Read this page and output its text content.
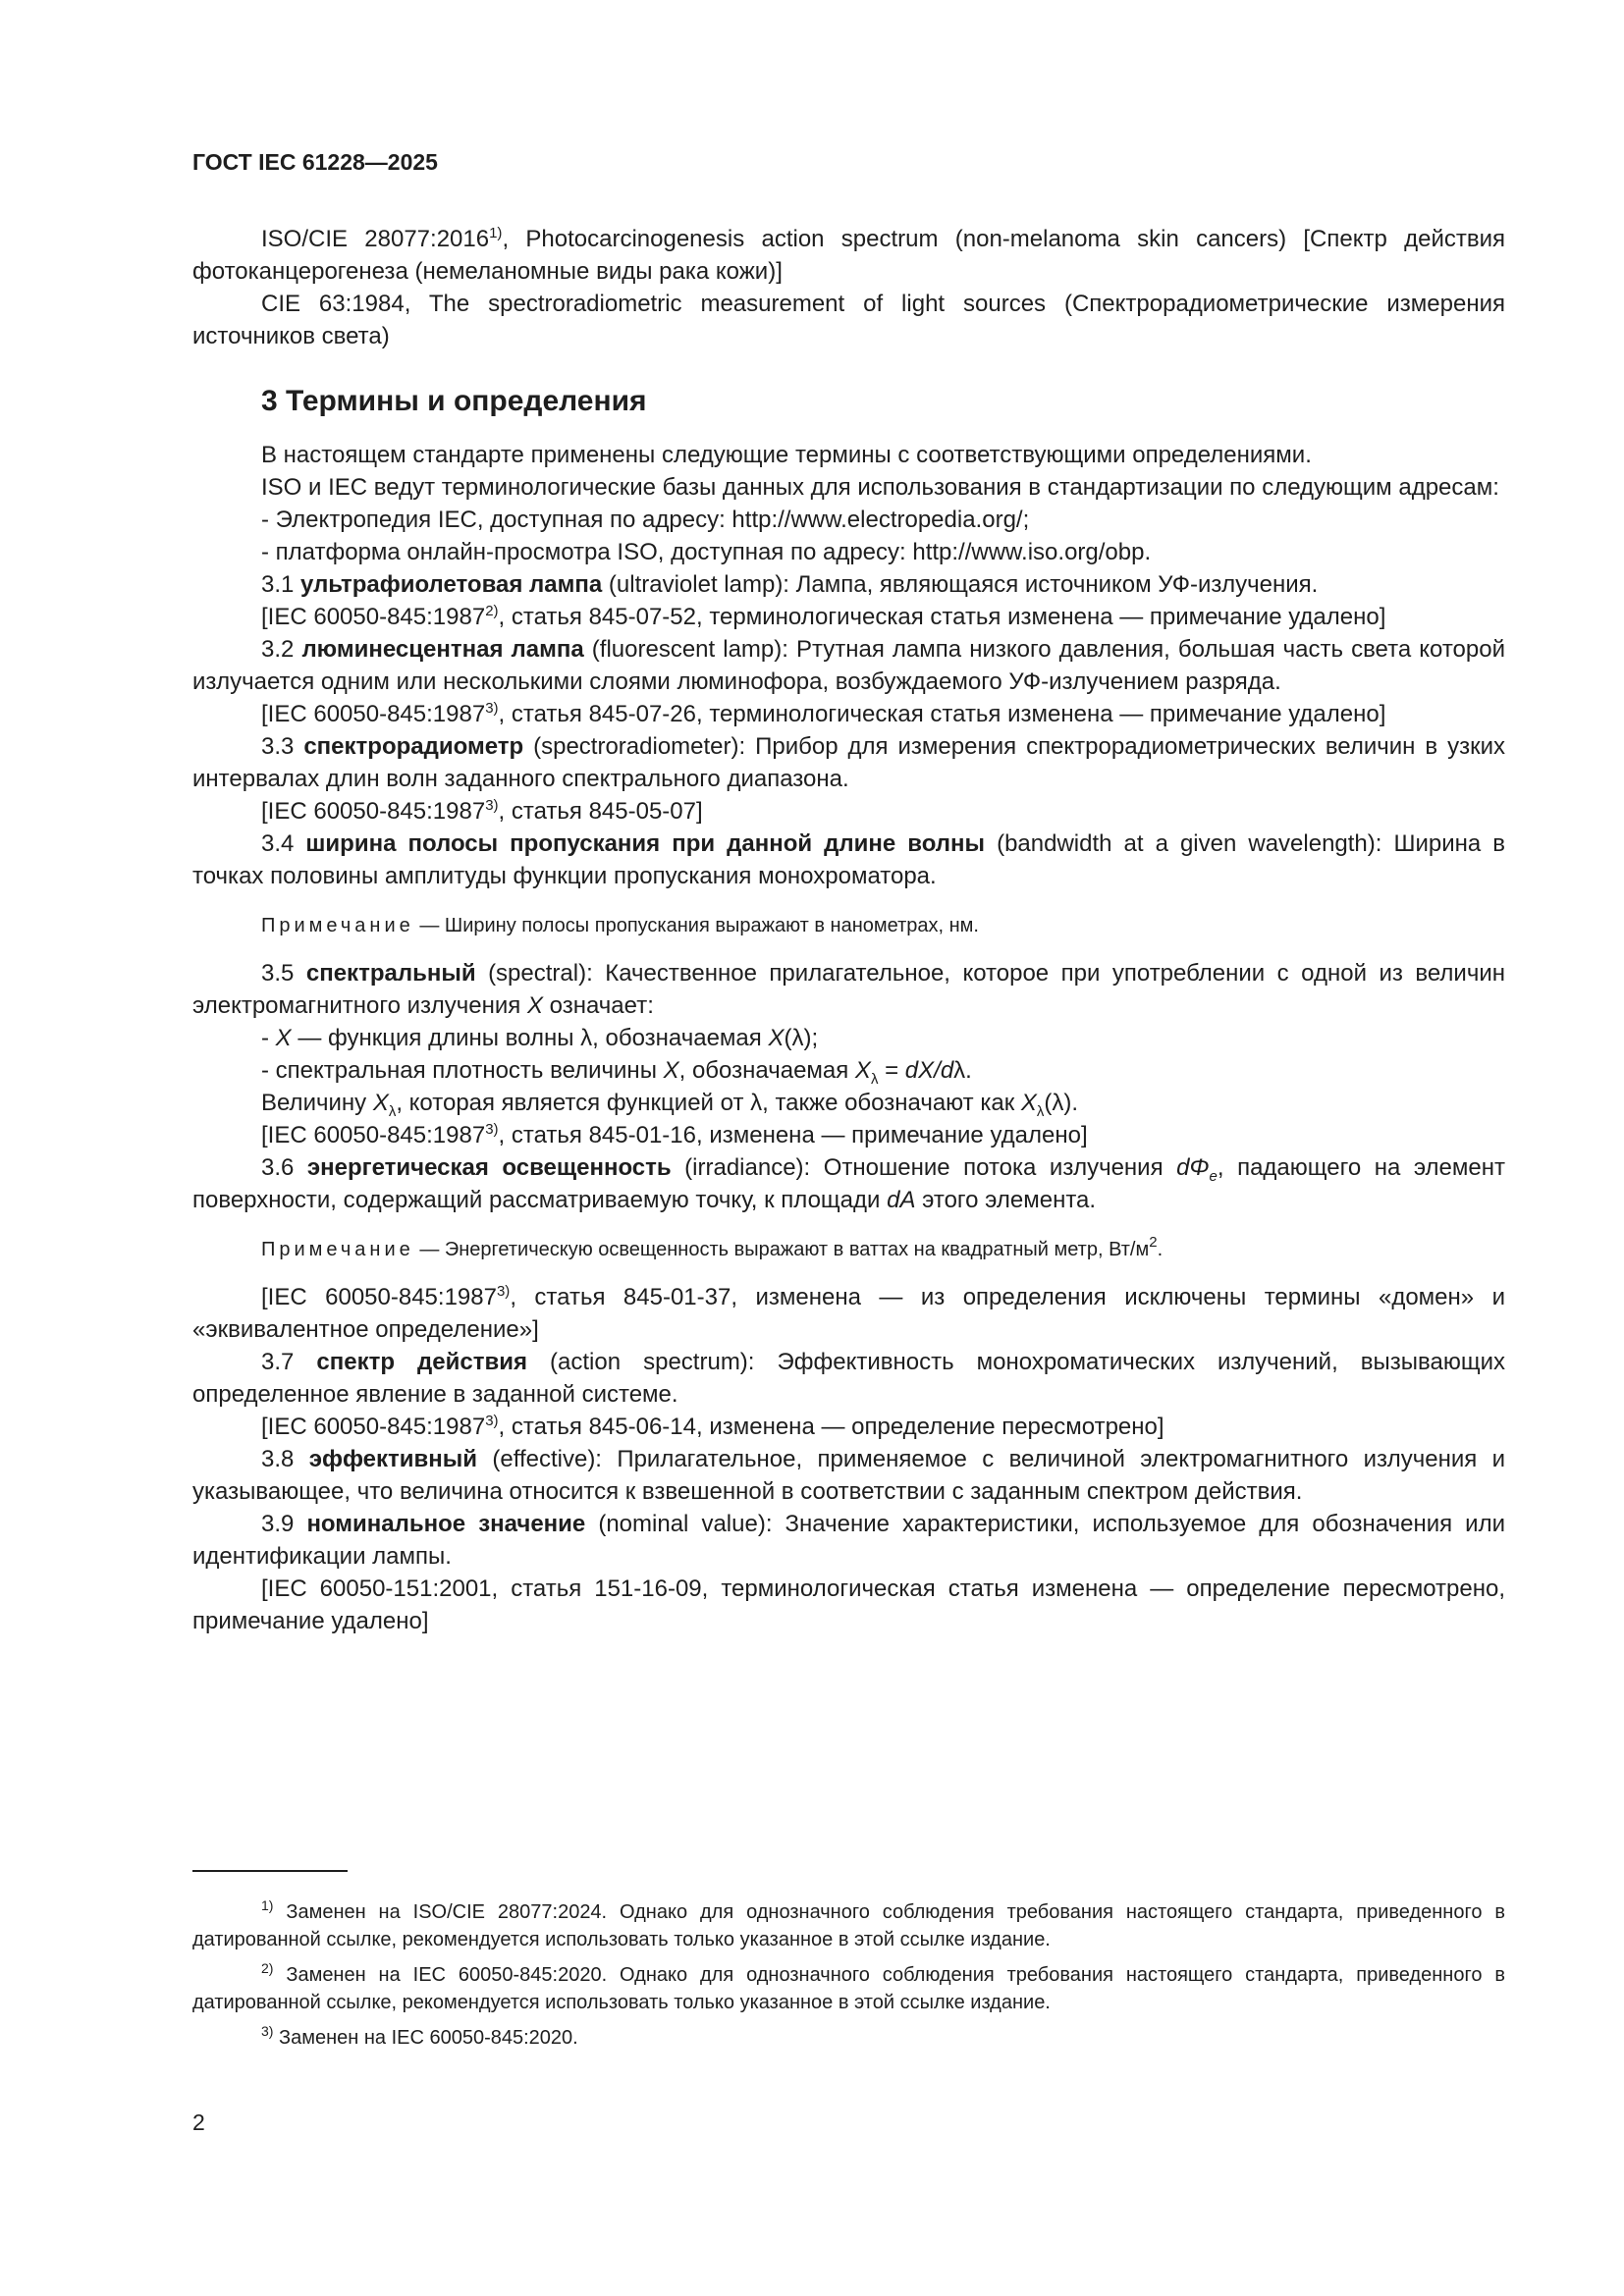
ГОСТ IEC 61228—2025

ISO/CIE 28077:2016$^{1)}$, Photocarcinogenesis action spectrum (non-melanoma skin cancers) [Спектр действия фотоканцерогенеза (немеланомные виды рака кожи)]

CIE 63:1984, The spectroradiometric measurement of light sources (Спектрорадиометрические измерения источников света)

3 Термины и определения

В настоящем стандарте применены следующие термины с соответствующими определениями.

ISO и IEC ведут терминологические базы данных для использования в стандартизации по следующим адресам:

- Электропедия IEC, доступная по адресу: http://www.electropedia.org/;

- платформа онлайн-просмотра ISO, доступная по адресу: http://www.iso.org/obp.

3.1 ультрафиолетовая лампа (ultraviolet lamp): Лампа, являющаяся источником УФ-излучения.

[IEC 60050-845:1987$^{2)}$, статья 845-07-52, терминологическая статья изменена — примечание удалено]

3.2 люминесцентная лампа (fluorescent lamp): Ртутная лампа низкого давления, большая часть света которой излучается одним или несколькими слоями люминофора, возбуждаемого УФ-излучением разряда.

[IEC 60050-845:1987$^{3)}$, статья 845-07-26, терминологическая статья изменена — примечание удалено]

3.3 спектрорадиометр (spectroradiometer): Прибор для измерения спектрорадиометрических величин в узких интервалах длин волн заданного спектрального диапазона.

[IEC 60050-845:1987$^{3)}$, статья 845-05-07]

3.4 ширина полосы пропускания при данной длине волны (bandwidth at a given wavelength): Ширина в точках половины амплитуды функции пропускания монохроматора.

Примечание — Ширину полосы пропускания выражают в нанометрах, нм.

3.5 спектральный (spectral): Качественное прилагательное, которое при употреблении с одной из величин электромагнитного излучения X означает:

- X — функция длины волны λ, обозначаемая X(λ);

- спектральная плотность величины X, обозначаемая $X_\lambda = dX/d\lambda$.

Величину $X_\lambda$, которая является функцией от λ, также обозначают как $X_\lambda(\lambda)$.

[IEC 60050-845:1987$^{3)}$, статья 845-01-16, изменена — примечание удалено]

3.6 энергетическая освещенность (irradiance): Отношение потока излучения $d\Phi_e$, падающего на элемент поверхности, содержащий рассматриваемую точку, к площади dA этого элемента.

Примечание — Энергетическую освещенность выражают в ваттах на квадратный метр, $Вт/м^2$.

[IEC 60050-845:1987$^{3)}$, статья 845-01-37, изменена — из определения исключены термины «домен» и «эквивалентное определение»]

3.7 спектр действия (action spectrum): Эффективность монохроматических излучений, вызывающих определенное явление в заданной системе.

[IEC 60050-845:1987$^{3)}$, статья 845-06-14, изменена — определение пересмотрено]

3.8 эффективный (effective): Прилагательное, применяемое с величиной электромагнитного излучения и указывающее, что величина относится к взвешенной в соответствии с заданным спектром действия.

3.9 номинальное значение (nominal value): Значение характеристики, используемое для обозначения или идентификации лампы.

[IEC 60050-151:2001, статья 151-16-09, терминологическая статья изменена — определение пересмотрено, примечание удалено]

$^{1)}$ Заменен на ISO/CIE 28077:2024. Однако для однозначного соблюдения требования настоящего стандарта, приведенного в датированной ссылке, рекомендуется использовать только указанное в этой ссылке издание.

$^{2)}$ Заменен на IEC 60050-845:2020. Однако для однозначного соблюдения требования настоящего стандарта, приведенного в датированной ссылке, рекомендуется использовать только указанное в этой ссылке издание.

$^{3)}$ Заменен на IEC 60050-845:2020.

2
